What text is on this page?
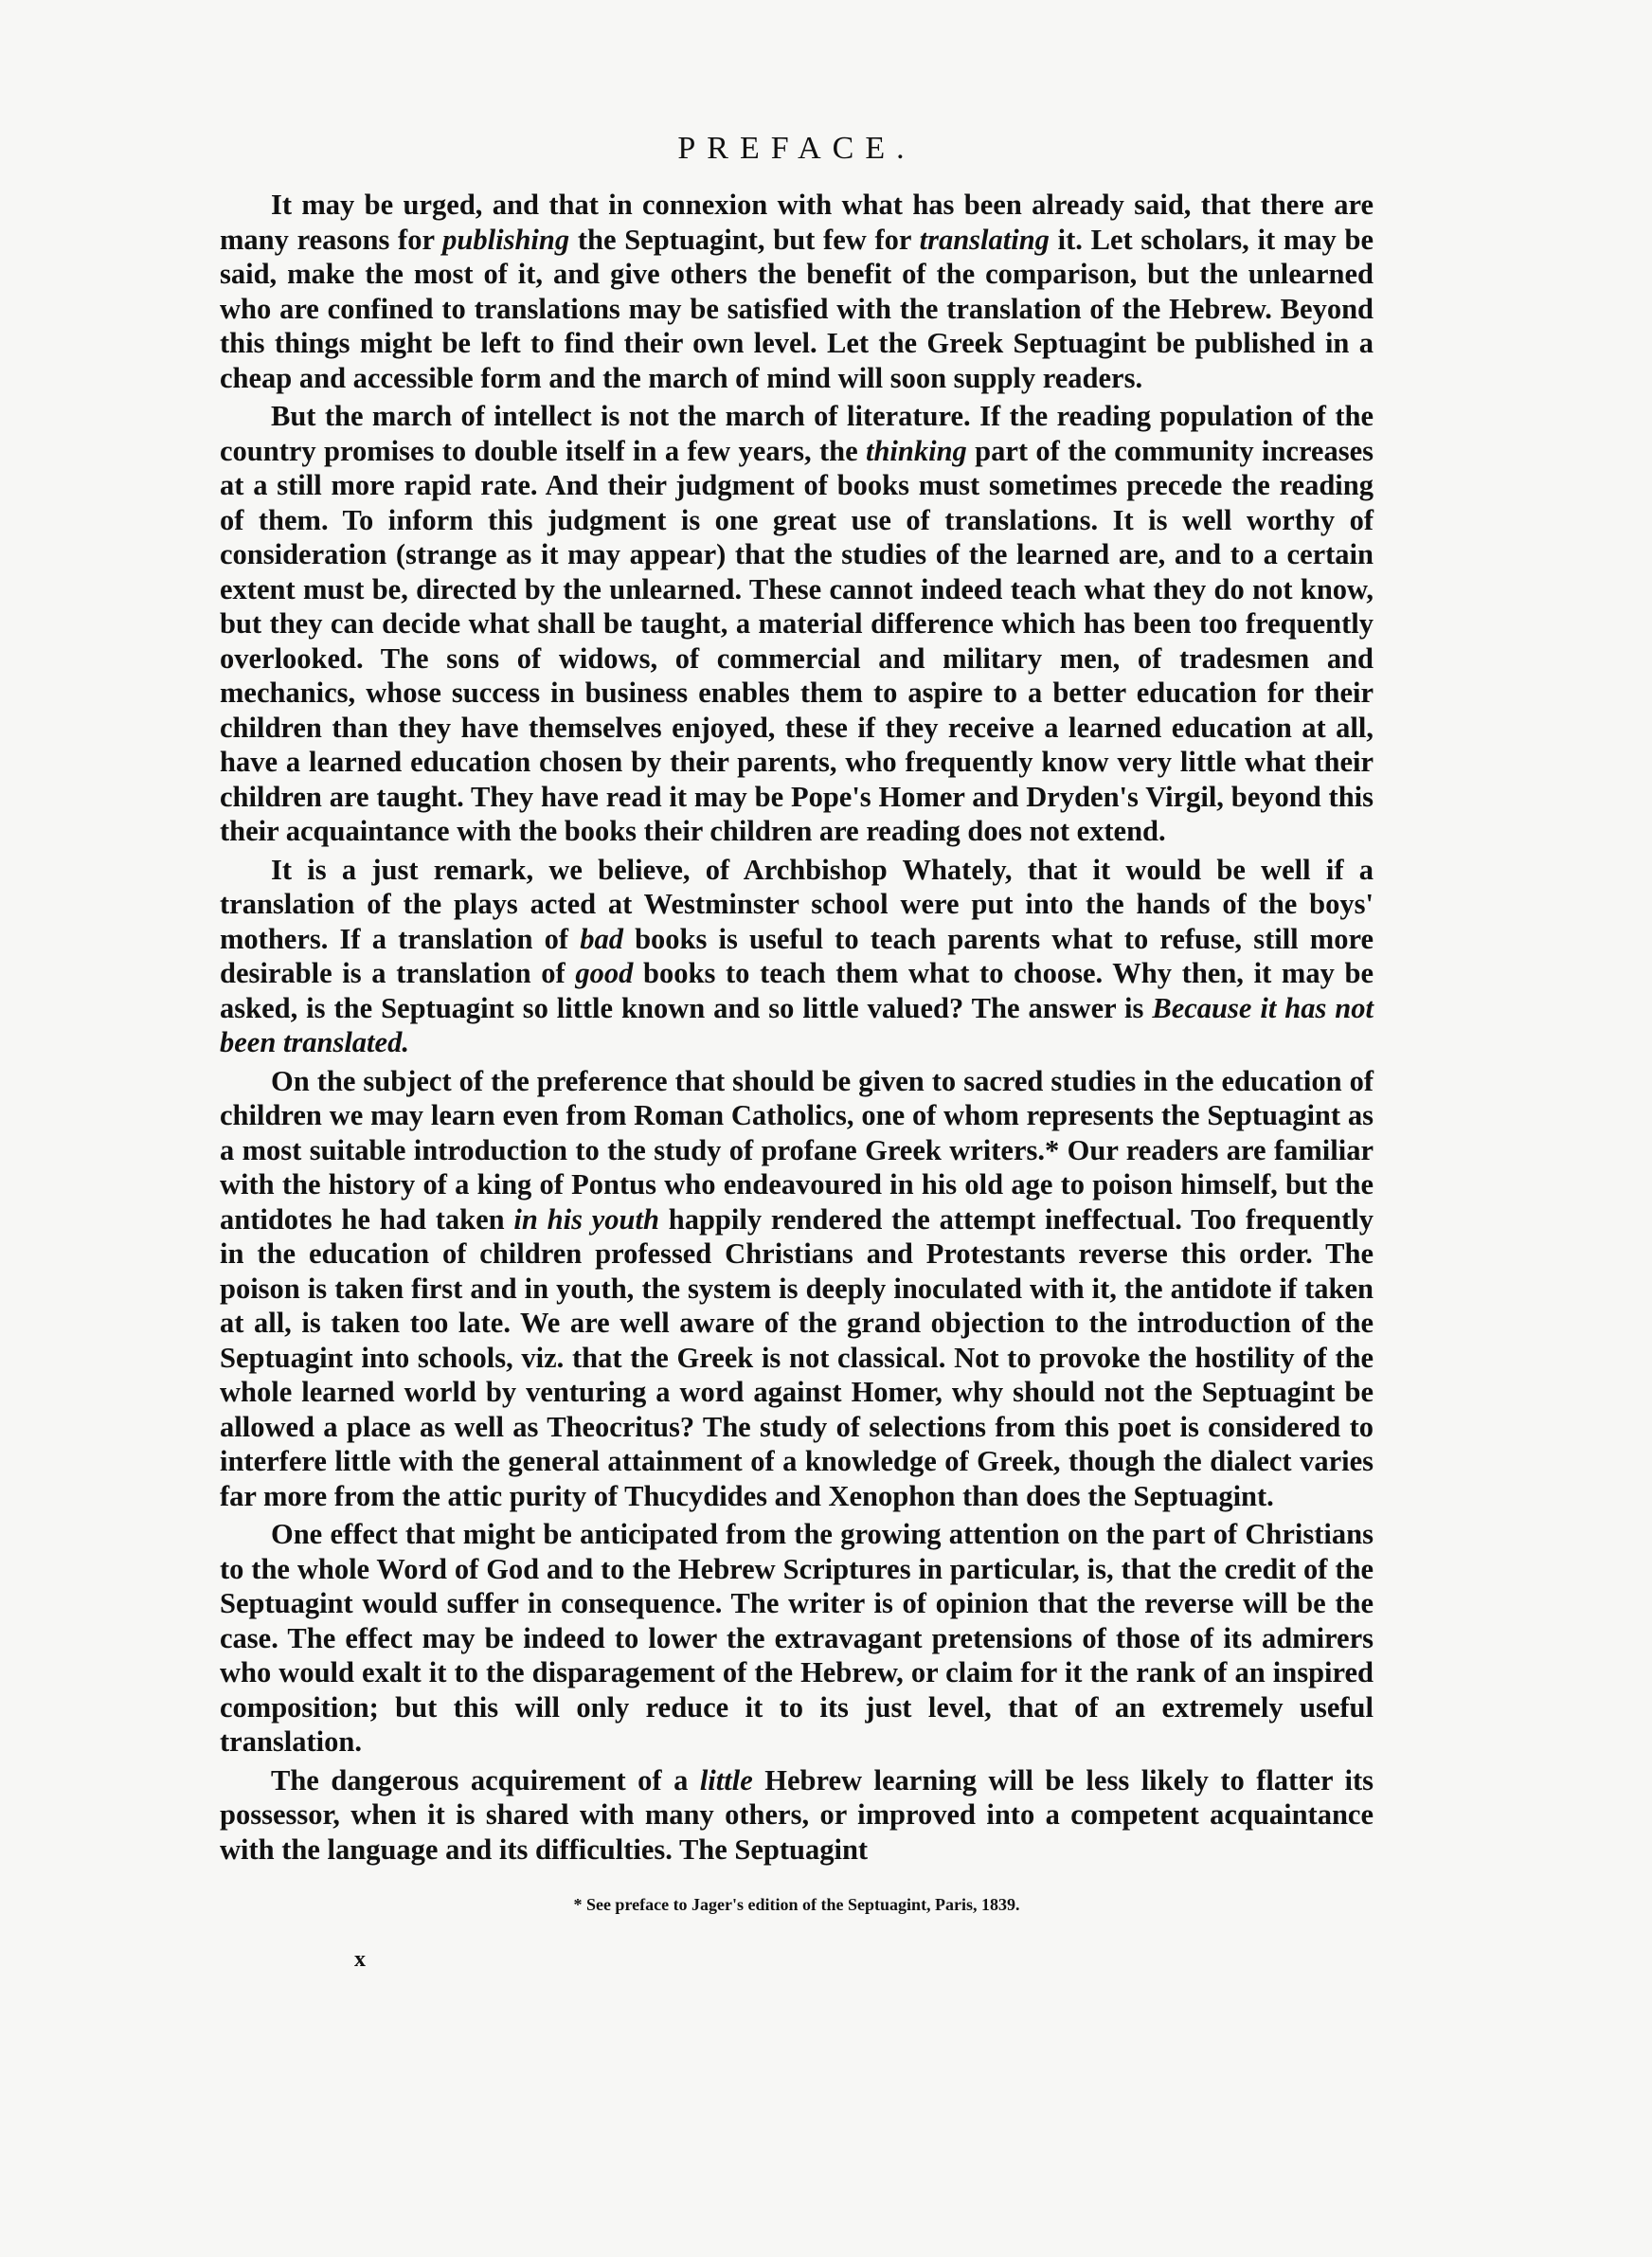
PREFACE.

It may be urged, and that in connexion with what has been already said, that there are many reasons for publishing the Septuagint, but few for translating it. Let scholars, it may be said, make the most of it, and give others the benefit of the comparison, but the unlearned who are confined to translations may be satisfied with the translation of the Hebrew. Beyond this things might be left to find their own level. Let the Greek Septuagint be published in a cheap and accessible form and the march of mind will soon supply readers.

But the march of intellect is not the march of literature. If the reading population of the country promises to double itself in a few years, the thinking part of the community increases at a still more rapid rate. And their judgment of books must sometimes precede the reading of them. To inform this judgment is one great use of translations. It is well worthy of consideration (strange as it may appear) that the studies of the learned are, and to a certain extent must be, directed by the unlearned. These cannot indeed teach what they do not know, but they can decide what shall be taught, a material difference which has been too frequently overlooked. The sons of widows, of commercial and military men, of tradesmen and mechanics, whose success in business enables them to aspire to a better education for their children than they have themselves enjoyed, these if they receive a learned education at all, have a learned education chosen by their parents, who frequently know very little what their children are taught. They have read it may be Pope's Homer and Dryden's Virgil, beyond this their acquaintance with the books their children are reading does not extend.

It is a just remark, we believe, of Archbishop Whately, that it would be well if a translation of the plays acted at Westminster school were put into the hands of the boys' mothers. If a translation of bad books is useful to teach parents what to refuse, still more desirable is a translation of good books to teach them what to choose. Why then, it may be asked, is the Septuagint so little known and so little valued? The answer is Because it has not been translated.

On the subject of the preference that should be given to sacred studies in the education of children we may learn even from Roman Catholics, one of whom represents the Septuagint as a most suitable introduction to the study of profane Greek writers.* Our readers are familiar with the history of a king of Pontus who endeavoured in his old age to poison himself, but the antidotes he had taken in his youth happily rendered the attempt ineffectual. Too frequently in the education of children professed Christians and Protestants reverse this order. The poison is taken first and in youth, the system is deeply inoculated with it, the antidote if taken at all, is taken too late. We are well aware of the grand objection to the introduction of the Septuagint into schools, viz. that the Greek is not classical. Not to provoke the hostility of the whole learned world by venturing a word against Homer, why should not the Septuagint be allowed a place as well as Theocritus? The study of selections from this poet is considered to interfere little with the general attainment of a knowledge of Greek, though the dialect varies far more from the attic purity of Thucydides and Xenophon than does the Septuagint.

One effect that might be anticipated from the growing attention on the part of Christians to the whole Word of God and to the Hebrew Scriptures in particular, is, that the credit of the Septuagint would suffer in consequence. The writer is of opinion that the reverse will be the case. The effect may be indeed to lower the extravagant pretensions of those of its admirers who would exalt it to the disparagement of the Hebrew, or claim for it the rank of an inspired composition; but this will only reduce it to its just level, that of an extremely useful translation.

The dangerous acquirement of a little Hebrew learning will be less likely to flatter its possessor, when it is shared with many others, or improved into a competent acquaintance with the language and its difficulties. The Septuagint

* See preface to Jager's edition of the Septuagint, Paris, 1839.
x
